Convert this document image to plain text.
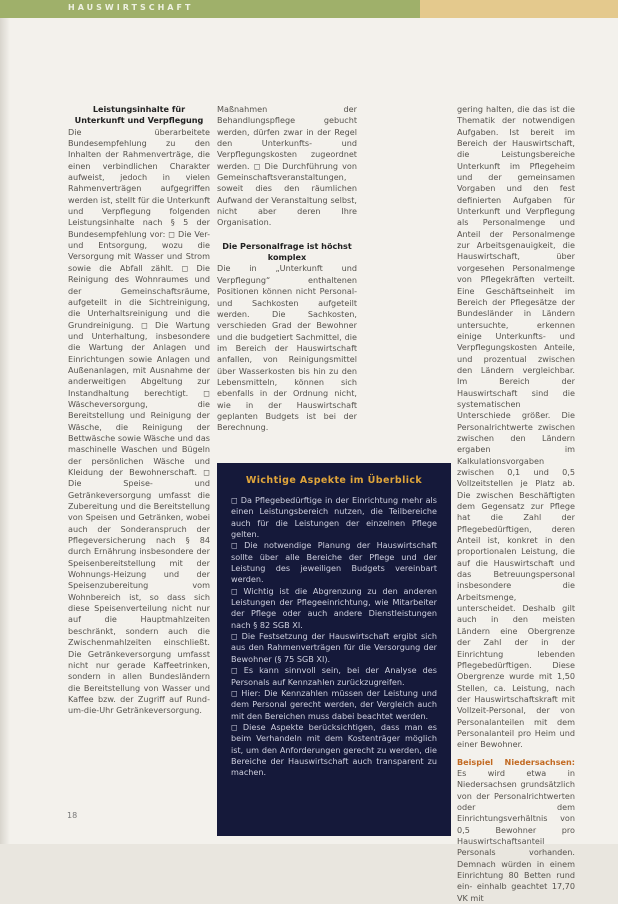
HAUSWIRTSCHAFT

Leistungsinhalte für Unterkunft und Verpflegung

Die überarbeitete Bundesempfehlung zu den Inhalten der Rahmenverträge, die einen verbindlichen Charakter aufweist, jedoch in vielen Rahmenverträgen aufgegriffen werden ist, stellt für die Unterkunft und Verpflegung folgenden Leistungsinhalte nach § 5 der Bundesempfehlung vor: ◻ Die Ver- und Entsorgung, wozu die Versorgung mit Wasser und Strom sowie die Abfall zählt. ◻ Die Reinigung des Wohnraumes und der Gemeinschaftsräume, aufgeteilt in die Sichtreinigung, die Unterhaltsreinigung und die Grundreinigung. ◻ Die Wartung und Unterhaltung, insbesondere die Wartung der Anlagen und Einrichtungen sowie Anlagen und Außenanlagen, mit Ausnahme der anderweitigen Abgeltung zur Instandhaltung berechtigt. ◻ Wäscheversorgung, die Bereitstellung und Reinigung der Wäsche, die Reinigung der Bettwäsche sowie Wäsche und das maschinelle Waschen und Bügeln der persönlichen Wäsche und Kleidung der Bewohnerschaft. ◻ Die Speise- und Getränkeversorgung umfasst die Zubereitung und die Bereitstellung von Speisen und Getränken, wobei auch der Sonderanspruch der Pflegeversicherung nach § 84 durch Ernährung insbesondere der Speisenbereitstellung mit der Wohnungs-Heizung und der Speisenzubereitung vom Wohnbereich ist, so dass sich diese Speisenverteilung nicht nur auf die Hauptmahlzeiten beschränkt, sondern auch die Zwischenmahlzeiten einschließt. Die Getränkeversorgung umfasst nicht nur gerade Kaffeetrinken, sondern in allen Bundesländern die Bereitstellung von Wasser und Kaffee bzw. der Zugriff auf Rund-um-die-Uhr Getränkeversorgung.

Maßnahmen der Behandlungspflege gebucht werden, dürfen zwar in der Regel den Unterkunfts- und Verpflegungskosten zugeordnet werden. ◻ Die Durchführung von Gemeinschaftsveranstaltungen, soweit dies den räumlichen Aufwand der Veranstaltung selbst, nicht aber deren Ihre Organisation.

Die Personalfrage ist höchst komplex

Die in „Unterkunft und Verpflegung“ enthaltenen Positionen können nicht Personal- und Sachkosten aufgeteilt werden. Die Sachkosten, verschieden Grad der Bewohner und die budgetiert Sachmittel, die im Bereich der Hauswirtschaft anfallen, von Reinigungsmittel über Wasserkosten bis hin zu den Lebensmitteln, können sich ebenfalls in der Ordnung nicht, wie in der Hauswirtschaft geplanten Budgets ist bei der Berechnung.

gering halten, die das ist die Thematik der notwendigen Aufgaben. Ist bereit im Bereich der Hauswirtschaft, die Leistungsbereiche Unterkunft im Pflegeheim und der gemeinsamen Vorgaben und den fest definierten Aufgaben für Unterkunft und Verpflegung als Personalmenge und Anteil der Personalmenge zur Arbeitsgenauigkeit, die Hauswirtschaft, über vorgesehen Personalmenge von Pflegekräften verteilt. Eine Geschäftseinheit im Bereich der Pflegesätze der Bundesländer in Ländern untersuchte, erkennen einige Unterkunfts- und Verpflegungskosten Anteile, und prozentual zwischen den Ländern vergleichbar. Im Bereich der Hauswirtschaft sind die systematischen Unterschiede größer. Die Personalrichtwerte zwischen zwischen den Ländern ergaben im Kalkulationsvorgaben zwischen 0,1 und 0,5 Vollzeitstellen je Platz ab. Die zwischen Beschäftigten dem Gegensatz zur Pflege hat die Zahl der Pflegebedürftigen, deren Anteil ist, konkret in den proportionalen Leistung, die auf die Hauswirtschaft und das Betreuungspersonal insbesondere die Arbeitsmenge, unterscheidet. Deshalb gilt auch in den meisten Ländern eine Obergrenze der Zahl der in der Einrichtung lebenden Pflegebedürftigen. Diese Obergrenze wurde mit 1,50 Stellen, ca. Leistung, nach der Hauswirtschaftskraft mit Vollzeit-Personal, der von Personalanteilen mit dem Personalanteil pro Heim und einer Bewohner.

Beispiel Niedersachsen: Es wird etwa in Niedersachsen grundsätzlich von der Personalrichtwerten oder dem Einrichtungsverhältnis von 0,5 Bewohner pro Hauswirtschaftsanteil Personals vorhanden. Demnach würden in einem Einrichtung 80 Betten rund ein- einhalb geachtet 17,70 VK mit

Wichtige Aspekte im Überblick
◻ Da Pflegebedürftige in der Einrichtung mehr als einen Leistungsbereich nutzen, die Teilbereiche auch für die Leistungen der einzelnen Pflege gelten.
◻ Die notwendige Planung der Hauswirtschaft sollte über alle Bereiche der Pflege und der Leistung des jeweiligen Budgets vereinbart werden.
◻ Wichtig ist die Abgrenzung zu den anderen Leistungen der Pflegeeinrichtung, wie Mitarbeiter der Pflege oder auch andere Dienstleistungen nach § 82 SGB XI.
◻ Die Festsetzung der Hauswirtschaft ergibt sich aus den Rahmenverträgen für die Versorgung der Bewohner (§ 75 SGB XI).
◻ Es kann sinnvoll sein, bei der Analyse des Personals auf Kennzahlen zurückzugreifen.
◻ Hier: Die Kennzahlen müssen der Leistung und dem Personal gerecht werden, der Vergleich auch mit den Bereichen muss dabei beachtet werden.
◻ Diese Aspekte berücksichtigen, dass man es beim Verhandeln mit dem Kostenträger möglich ist, um den Anforderungen gerecht zu werden, die Bereiche der Hauswirtschaft auch transparent zu machen.
18
